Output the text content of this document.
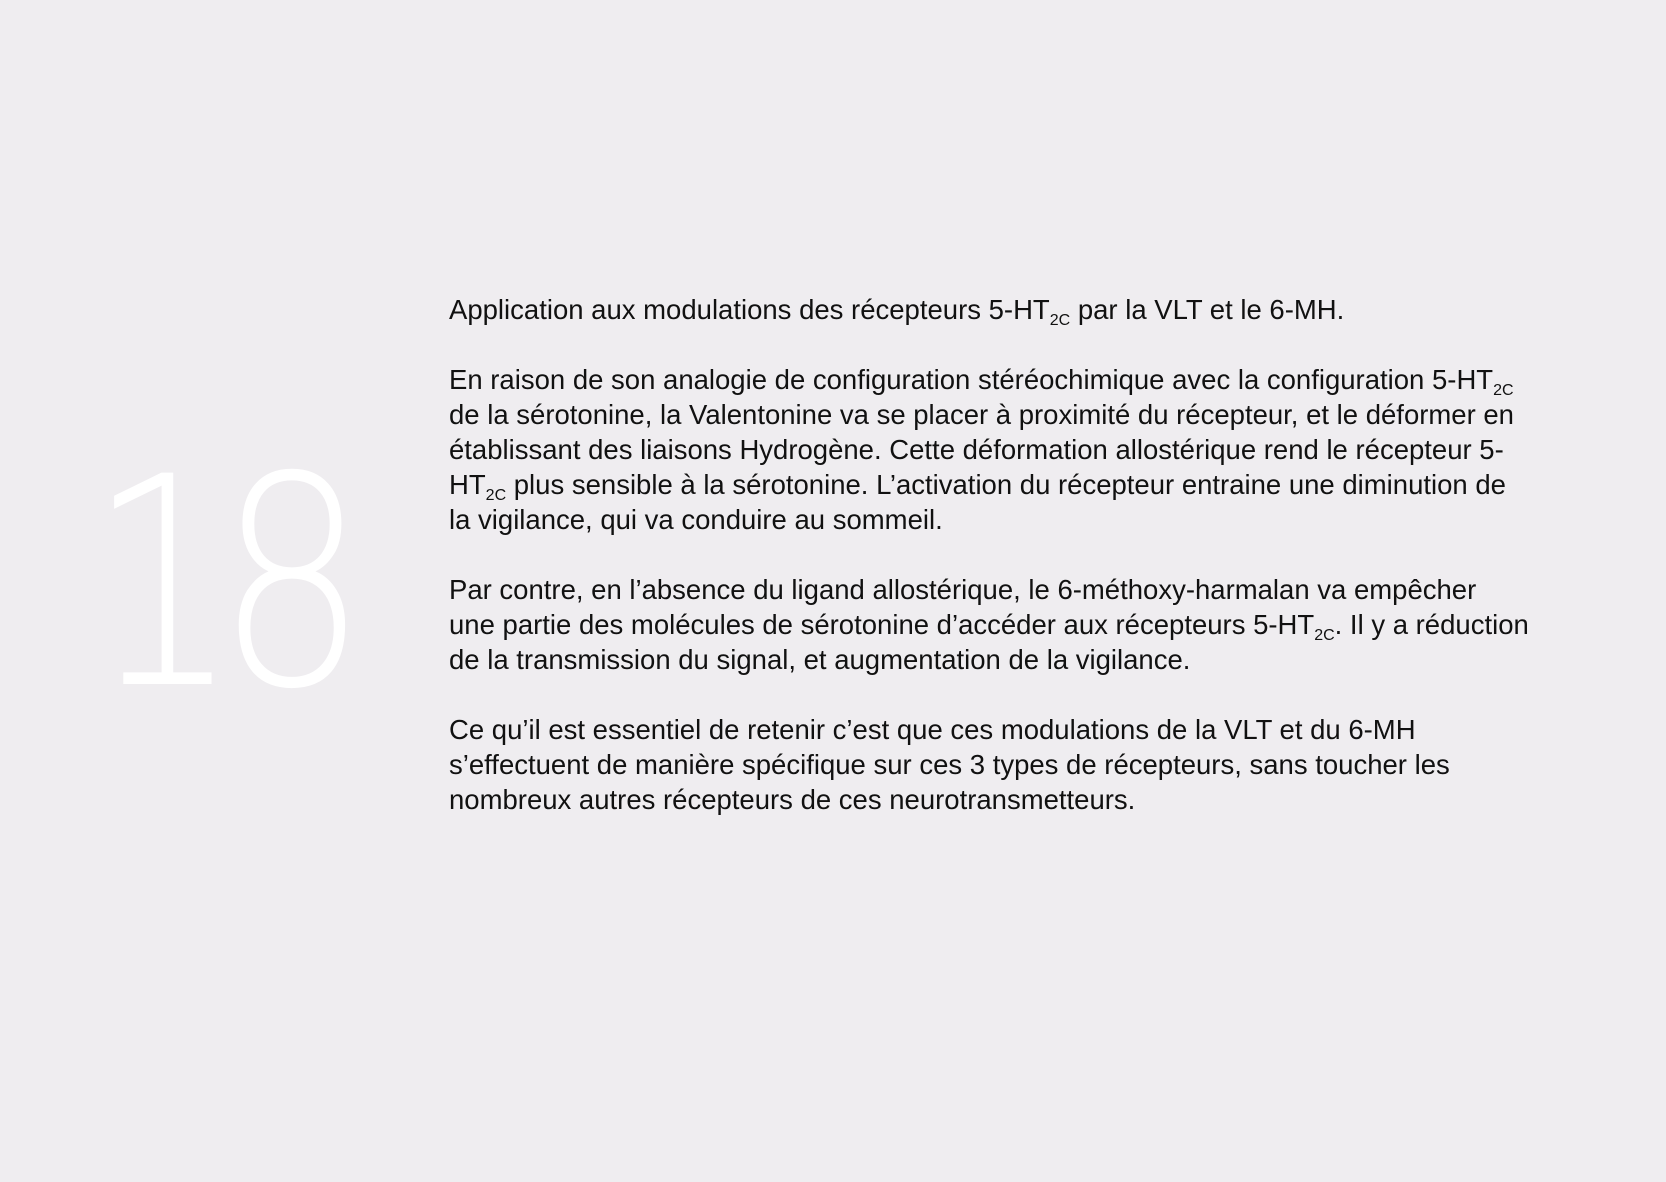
18

Application aux modulations des récepteurs $5-HT_{2C}$ par la VLT et le 6-MH.

En raison de son analogie de configuration stéréochimique avec la configuration $5-HT_{2C}$ de la sérotonine, la Valentonine va se placer à proximité du récepteur, et le déformer en établissant des liaisons Hydrogène. Cette déformation allostérique rend le récepteur $5-HT_{2C}$ plus sensible à la sérotonine. L’activation du récepteur entraine une diminution de la vigilance, qui va conduire au sommeil.

Par contre, en l’absence du ligand allostérique, le 6-méthoxy-harmalan va empêcher une partie des molécules de sérotonine d’accéder aux récepteurs $5-HT_{2C}$. Il y a réduction de la transmission du signal, et augmentation de la vigilance.

Ce qu’il est essentiel de retenir c’est que ces modulations de la VLT et du 6-MH s’effectuent de manière spécifique sur ces 3 types de récepteurs, sans toucher les nombreux autres récepteurs de ces neurotransmetteurs.
